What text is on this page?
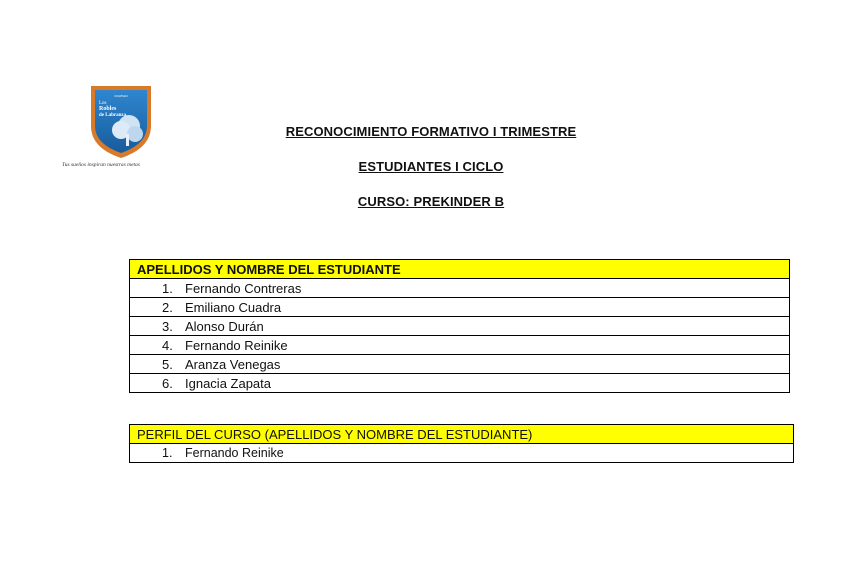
COLEGIO
Los
Robles
de Labranza
Tus sueños inspiran nuestras metas
RECONOCIMIENTO FORMATIVO I TRIMESTRE
ESTUDIANTES I CICLO
CURSO: PREKINDER B
APELLIDOS Y NOMBRE DEL ESTUDIANTE
1. Fernando Contreras
2. Emiliano Cuadra
3. Alonso Durán
4. Fernando Reinike
5. Aranza Venegas
6. Ignacia Zapata
PERFIL DEL CURSO (APELLIDOS Y NOMBRE DEL ESTUDIANTE)
1. Fernando Reinike
